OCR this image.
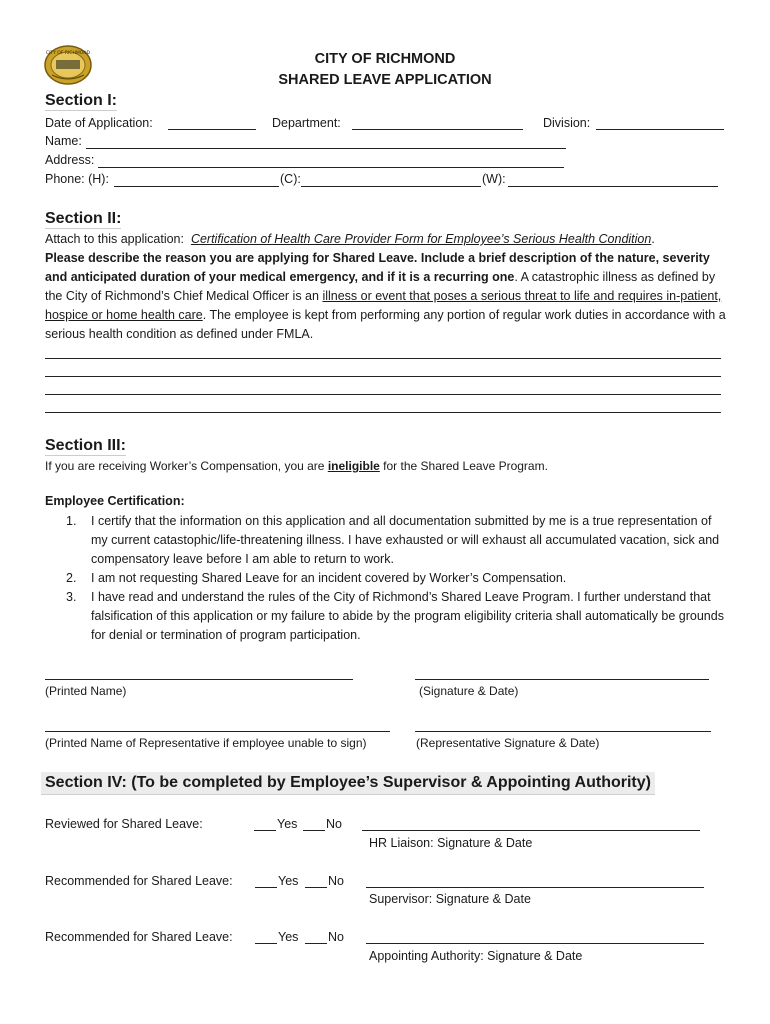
CITY OF RICHMOND	CITY OF RICHMOND
SHARED LEAVE APPLICATION
Section I:
Date of Application:	Department:	Division:
Name:
Address:
Phone: (H):	(C):	(W):
Section II:
Attach to this application: Certification of Health Care Provider Form for Employee’s Serious Health Condition.
Please describe the reason you are applying for Shared Leave. Include a brief description of the nature, severity and anticipated duration of your medical emergency, and if it is a recurring one. A catastrophic illness as defined by the City of Richmond’s Chief Medical Officer is an illness or event that poses a serious threat to life and requires in-patient, hospice or home health care. The employee is kept from performing any portion of regular work duties in accordance with a serious health condition as defined under FMLA.
Section III:
If you are receiving Worker’s Compensation, you are ineligible for the Shared Leave Program.
Employee Certification:
1. I certify that the information on this application and all documentation submitted by me is a true representation of my current catastophic/life-threatening illness. I have exhausted or will exhaust all accumulated vacation, sick and compensatory leave before I am able to return to work.
2. I am not requesting Shared Leave for an incident covered by Worker’s Compensation.
3. I have read and understand the rules of the City of Richmond’s Shared Leave Program. I further understand that falsification of this application or my failure to abide by the program eligibility criteria shall automatically be grounds for denial or termination of program participation.
(Printed Name)	(Signature & Date)
(Printed Name of Representative if employee unable to sign)	(Representative Signature & Date)
Section IV: (To be completed by Employee’s Supervisor & Appointing Authority)
Reviewed for Shared Leave:	Yes No
HR Liaison: Signature & Date
Recommended for Shared Leave:	Yes No
Supervisor: Signature & Date
Recommended for Shared Leave:	Yes No
Appointing Authority: Signature & Date
